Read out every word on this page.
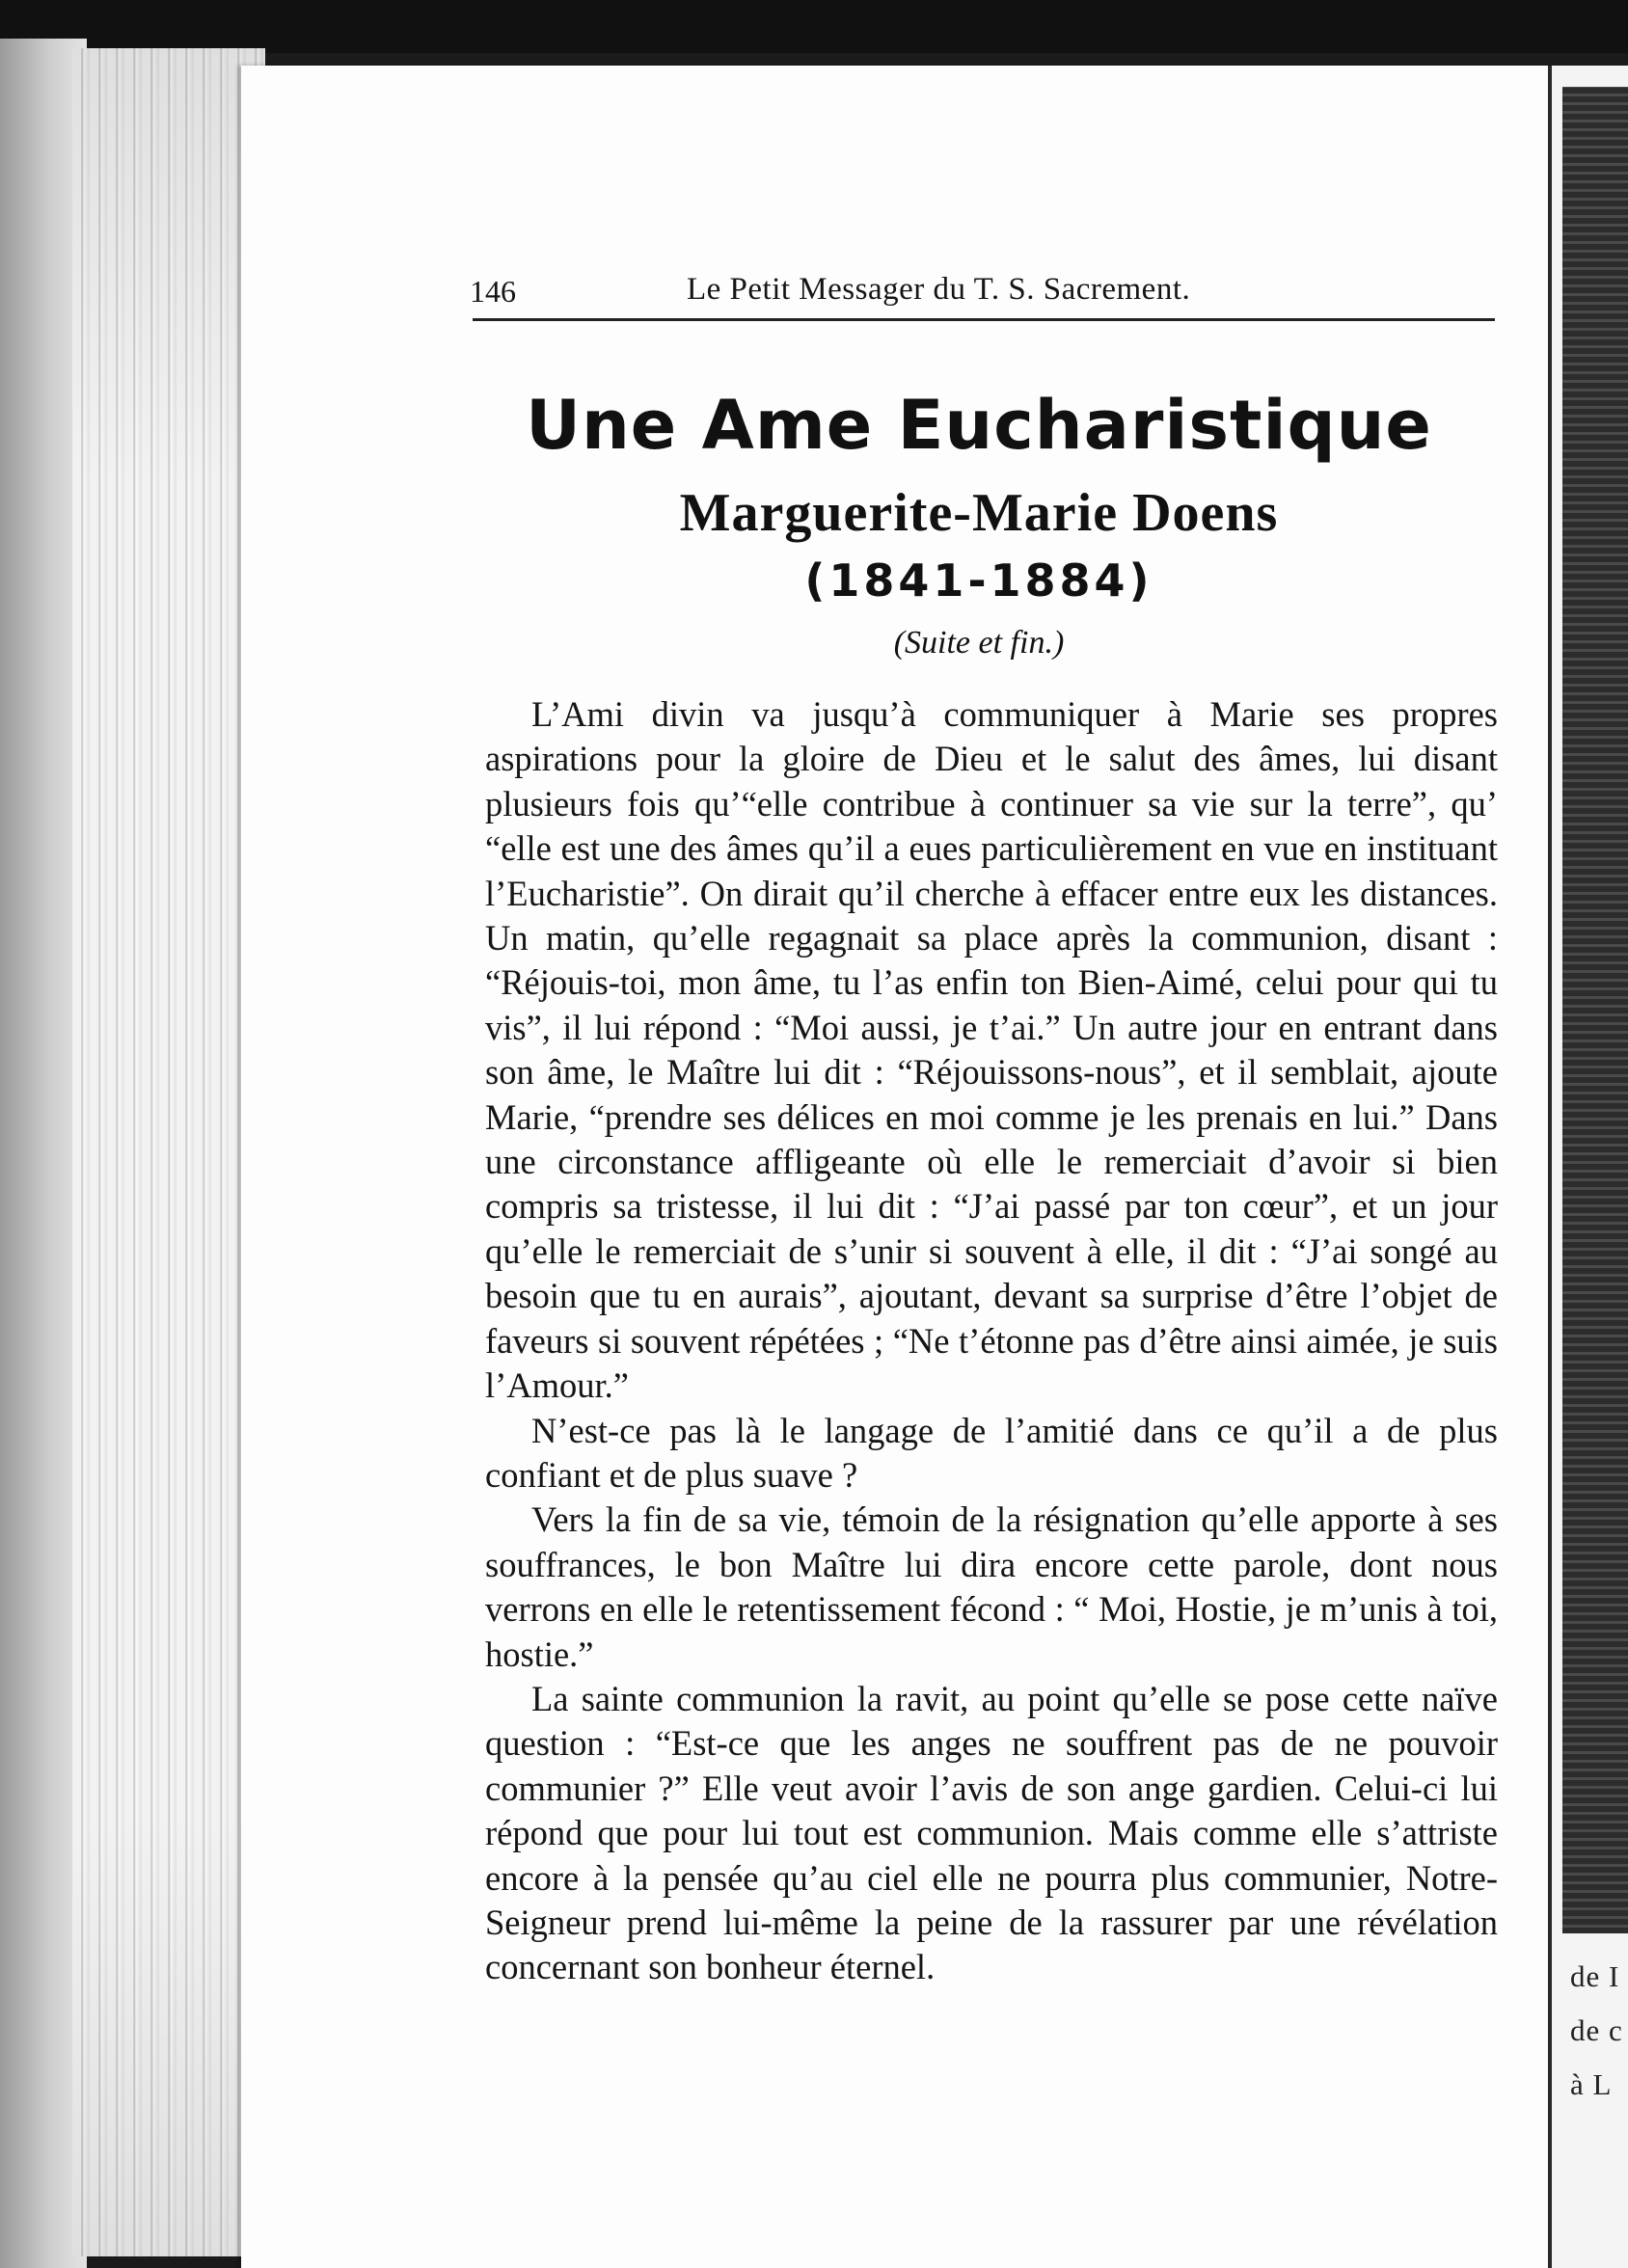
de I
de c
à L
146	Le Petit Messager du T. S. Sacrement.
Une Ame Eucharistique
Marguerite-Marie Doens
(1841-1884)
(Suite et fin.)

L’Ami divin va jusqu’à communiquer à Marie ses propres aspirations pour la gloire de Dieu et le salut des âmes, lui disant plusieurs fois qu’“elle contribue à continuer sa vie sur la terre”, qu’ “elle est une des âmes qu’il a eues particulièrement en vue en instituant l’Eucharistie”. On dirait qu’il cherche à effacer entre eux les distances. Un matin, qu’elle regagnait sa place après la communion, disant : “Réjouis-toi, mon âme, tu l’as enfin ton Bien-Aimé, celui pour qui tu vis”, il lui répond : “Moi aussi, je t’ai.” Un autre jour en entrant dans son âme, le Maître lui dit : “Réjouissons-nous”, et il semblait, ajoute Marie, “prendre ses délices en moi comme je les prenais en lui.” Dans une circonstance affligeante où elle le remerciait d’avoir si bien compris sa tristesse, il lui dit : “J’ai passé par ton cœur”, et un jour qu’elle le remerciait de s’unir si souvent à elle, il dit : “J’ai songé au besoin que tu en aurais”, ajoutant, devant sa surprise d’être l’objet de faveurs si souvent répétées ; “Ne t’étonne pas d’être ainsi aimée, je suis l’Amour.”

N’est-ce pas là le langage de l’amitié dans ce qu’il a de plus confiant et de plus suave ?

Vers la fin de sa vie, témoin de la résignation qu’elle apporte à ses souffrances, le bon Maître lui dira encore cette parole, dont nous verrons en elle le retentissement fécond : “ Moi, Hostie, je m’unis à toi, hostie.”

La sainte communion la ravit, au point qu’elle se pose cette naïve question : “Est-ce que les anges ne souffrent pas de ne pouvoir communier ?” Elle veut avoir l’avis de son ange gardien. Celui-ci lui répond que pour lui tout est communion. Mais comme elle s’attriste encore à la pensée qu’au ciel elle ne pourra plus communier, Notre-Seigneur prend lui-même la peine de la rassurer par une révélation concernant son bonheur éternel.
